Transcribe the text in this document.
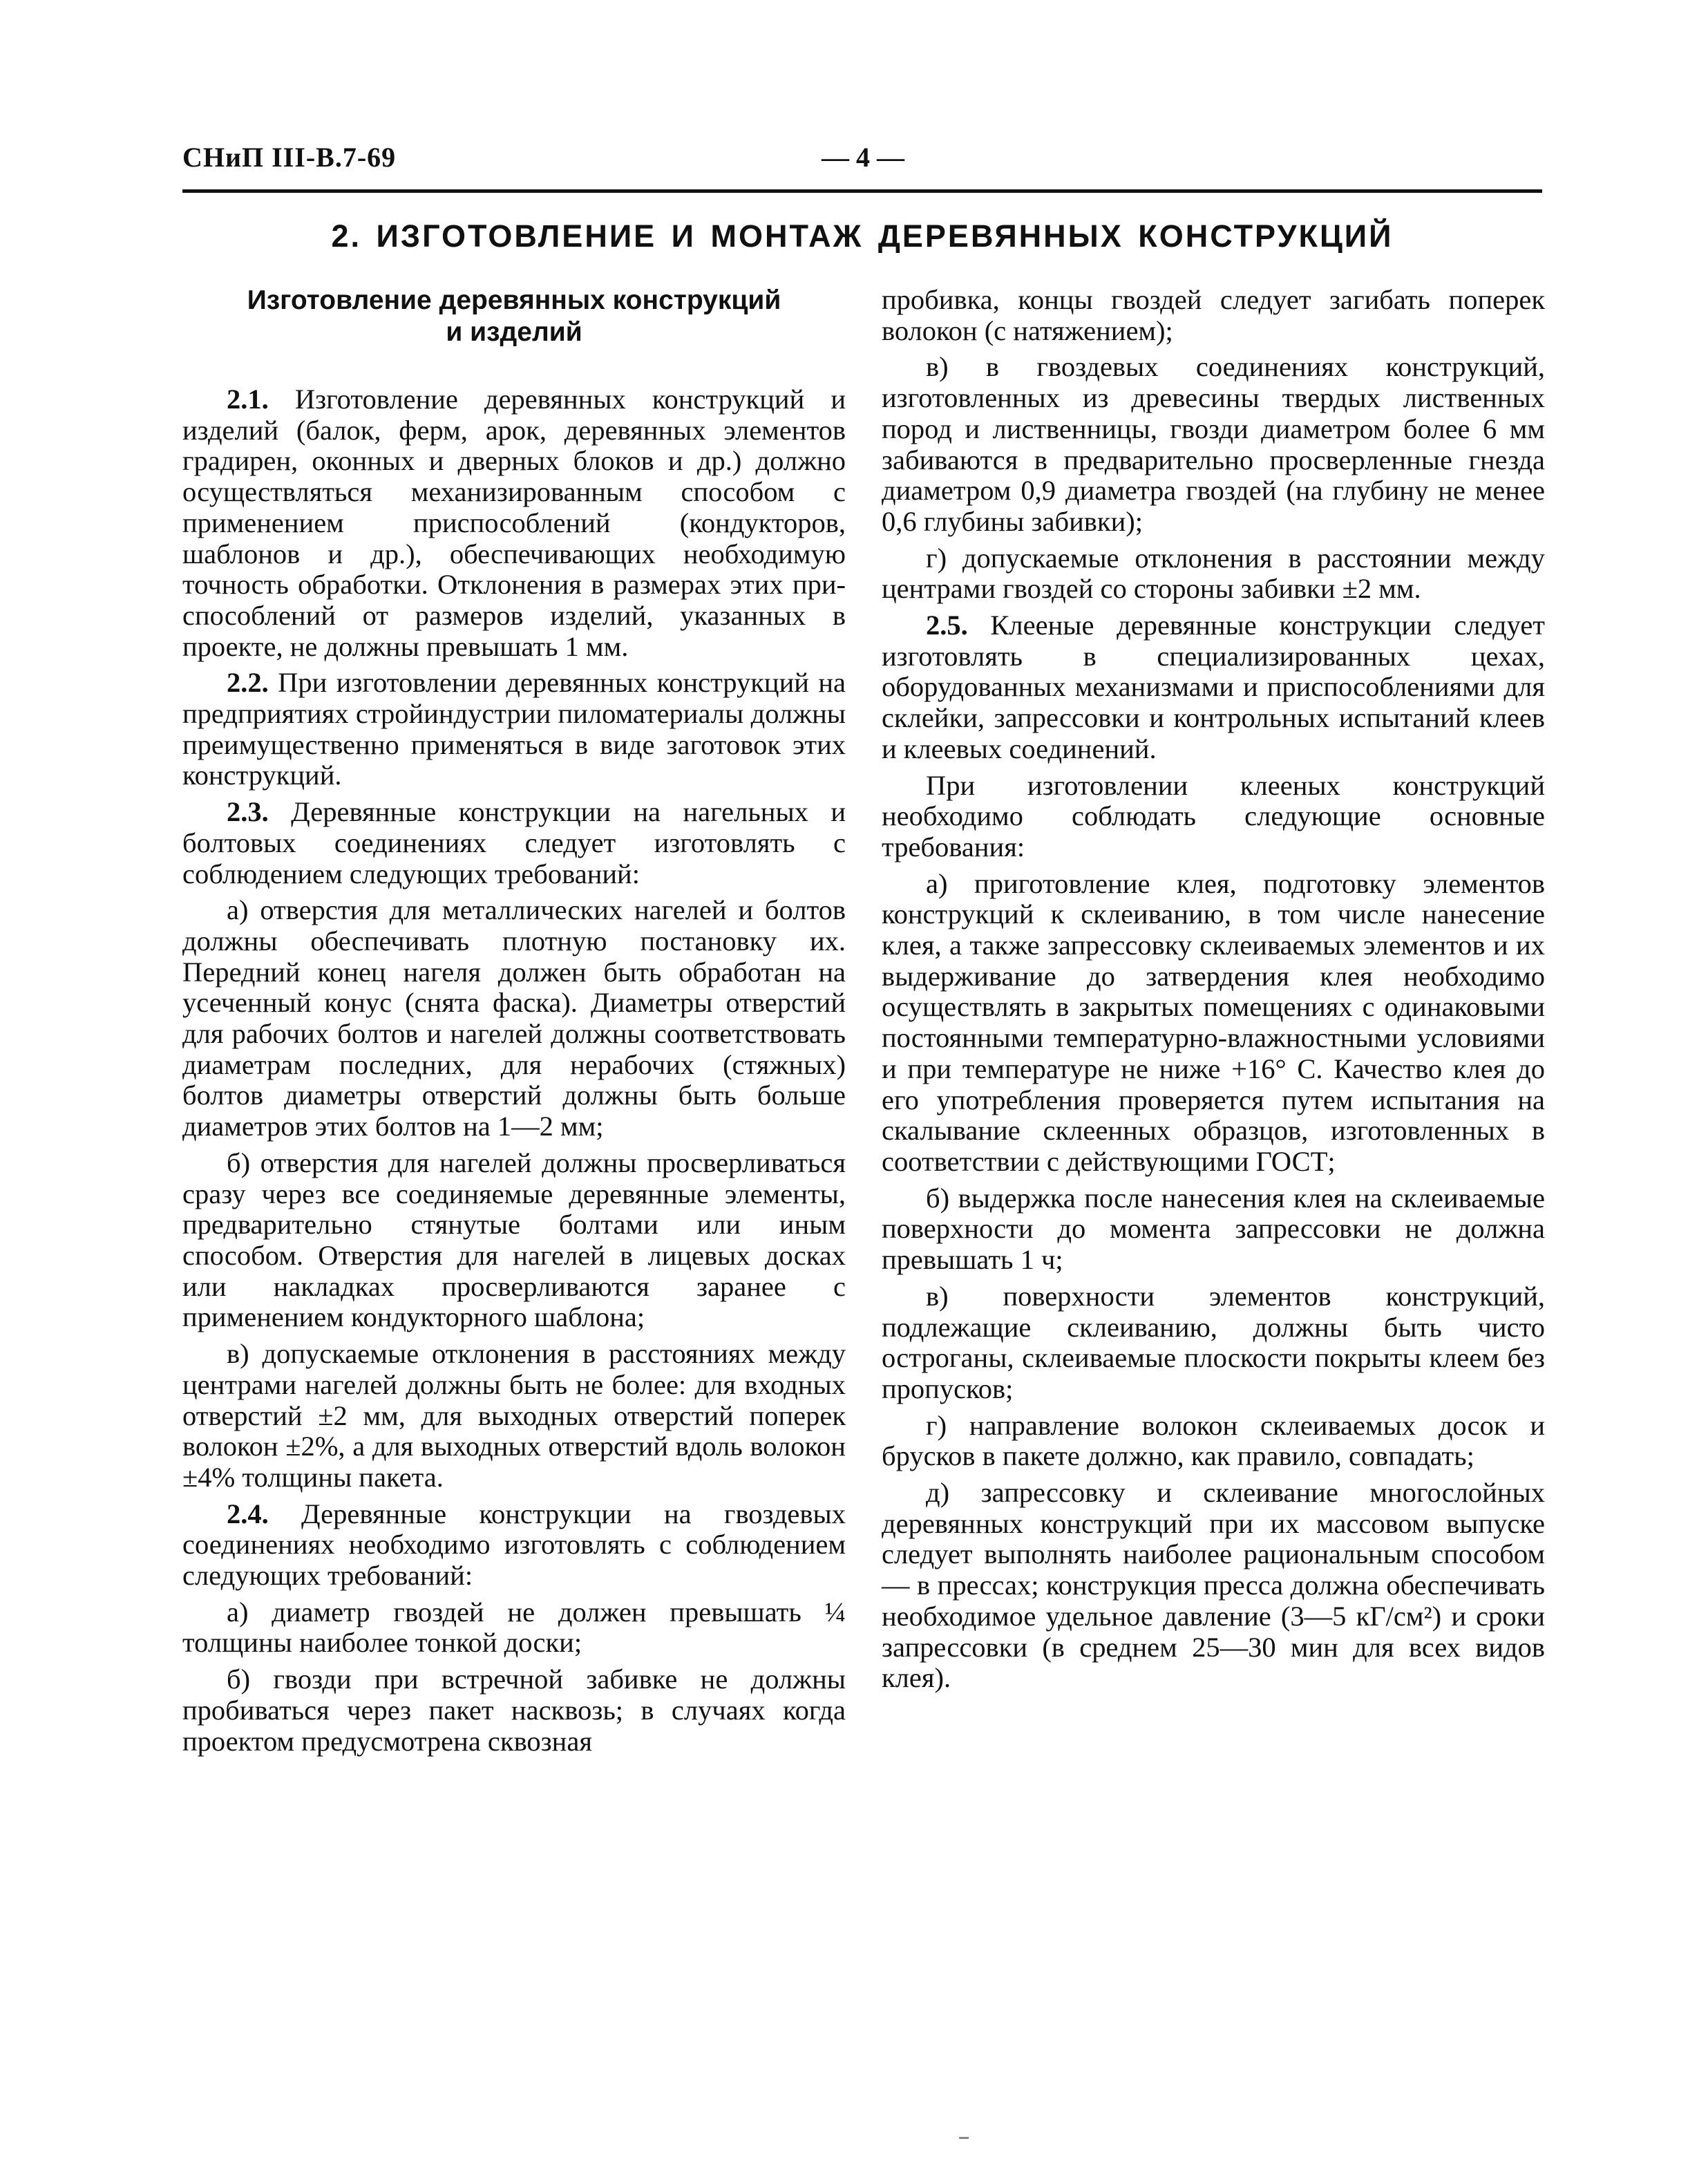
СНиП III-В.7-69	— 4 —
2. ИЗГОТОВЛЕНИЕ И МОНТАЖ ДЕРЕВЯННЫХ КОНСТРУКЦИЙ
Изготовление деревянных конструкций и изделий

2.1. Изготовление деревянных конструкций и изделий (балок, ферм, арок, деревянных элементов градирен, оконных и дверных блоков и др.) должно осуществляться механизированным способом с применением приспособлений (кондукторов, шаблонов и др.), обеспечивающих необходимую точность обработки. Отклонения в размерах этих приспособлений от размеров изделий, указанных в проекте, не должны превышать 1 мм.

2.2. При изготовлении деревянных конструкций на предприятиях стройиндустрии пиломатериалы должны преимущественно применяться в виде заготовок этих конструкций.

2.3. Деревянные конструкции на нагельных и болтовых соединениях следует изготовлять с соблюдением следующих требований:

а) отверстия для металлических нагелей и болтов должны обеспечивать плотную постановку их. Передний конец нагеля должен быть обработан на усеченный конус (снята фаска). Диаметры отверстий для рабочих болтов и нагелей должны соответствовать диаметрам последних, для нерабочих (стяжных) болтов диаметры отверстий должны быть больше диаметров этих болтов на 1—2 мм;

б) отверстия для нагелей должны просверливаться сразу через все соединяемые деревянные элементы, предварительно стянутые болтами или иным способом. Отверстия для нагелей в лицевых досках или накладках просверливаются заранее с применением кондукторного шаблона;

в) допускаемые отклонения в расстояниях между центрами нагелей должны быть не более: для входных отверстий ±2 мм, для выходных отверстий поперек волокон ±2%, а для выходных отверстий вдоль волокон ±4% толщины пакета.

2.4. Деревянные конструкции на гвоздевых соединениях необходимо изготовлять с соблюдением следующих требований:

а) диаметр гвоздей не должен превышать ¼ толщины наиболее тонкой доски;

б) гвозди при встречной забивке не должны пробиваться через пакет насквозь; в случаях когда проектом предусмотрена сквозная

пробивка, концы гвоздей следует загибать поперек волокон (с натяжением);

в) в гвоздевых соединениях конструкций, изготовленных из древесины твердых лиственных пород и лиственницы, гвозди диаметром более 6 мм забиваются в предварительно просверленные гнезда диаметром 0,9 диаметра гвоздей (на глубину не менее 0,6 глубины забивки);

г) допускаемые отклонения в расстоянии между центрами гвоздей со стороны забивки ±2 мм.

2.5. Клееные деревянные конструкции следует изготовлять в специализированных цехах, оборудованных механизмами и приспособлениями для склейки, запрессовки и контрольных испытаний клеев и клеевых соединений.

При изготовлении клееных конструкций необходимо соблюдать следующие основные требования:

а) приготовление клея, подготовку элементов конструкций к склеиванию, в том числе нанесение клея, а также запрессовку склеиваемых элементов и их выдерживание до затвердения клея необходимо осуществлять в закрытых помещениях с одинаковыми постоянными температурно-влажностными условиями и при температуре не ниже +16° С. Качество клея до его употребления проверяется путем испытания на скалывание склеенных образцов, изготовленных в соответствии с действующими ГОСТ;

б) выдержка после нанесения клея на склеиваемые поверхности до момента запрессовки не должна превышать 1 ч;

в) поверхности элементов конструкций, подлежащие склеиванию, должны быть чисто остроганы, склеиваемые плоскости покрыты клеем без пропусков;

г) направление волокон склеиваемых досок и брусков в пакете должно, как правило, совпадать;

д) запрессовку и склеивание многослойных деревянных конструкций при их массовом выпуске следует выполнять наиболее рациональным способом — в прессах; конструкция пресса должна обеспечивать необходимое удельное давление (3—5 кГ/см²) и сроки запрессовки (в среднем 25—30 мин для всех видов клея).
